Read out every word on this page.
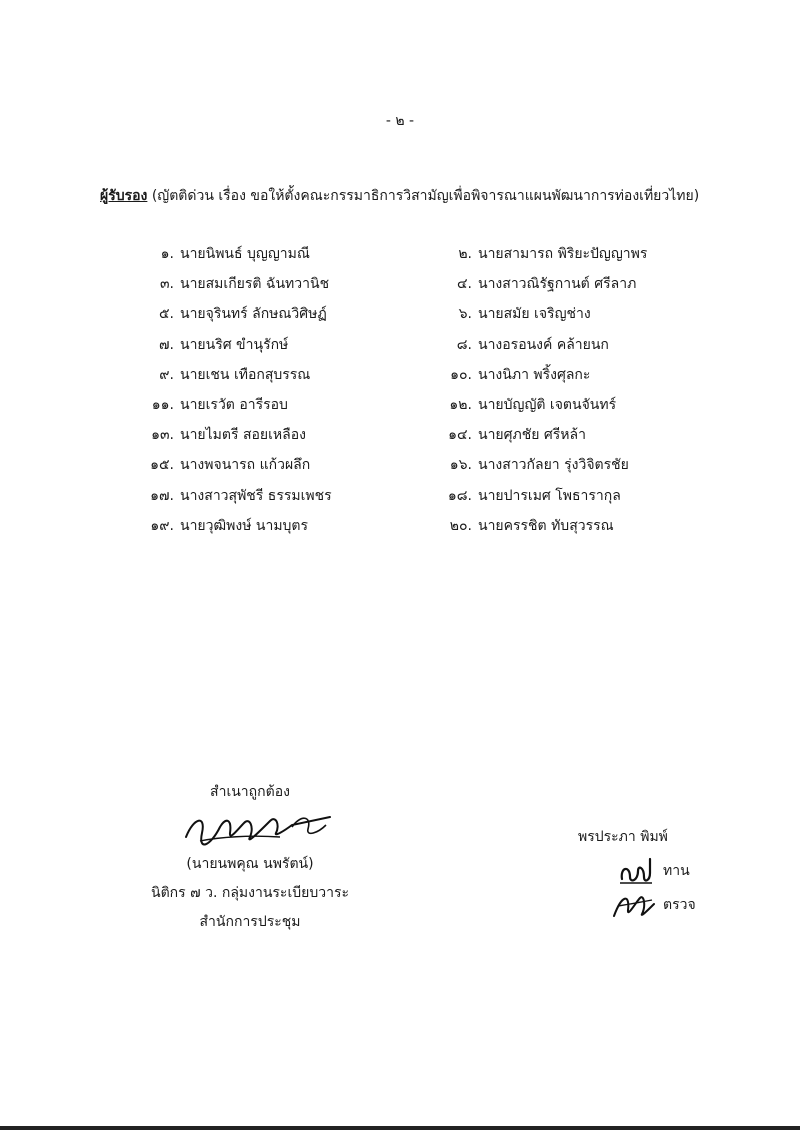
- ๒ -
ผู้รับรอง (ญัตติด่วน เรื่อง ขอให้ตั้งคณะกรรมาธิการวิสามัญเพื่อพิจารณาแผนพัฒนาการท่องเที่ยวไทย)
๑. นายนิพนธ์ บุญญามณี
๓. นายสมเกียรติ ฉันทวานิช
๕. นายจุรินทร์ ลักษณวิศิษฏ์
๗. นายนริศ ขำนุรักษ์
๙. นายเชน เทือกสุบรรณ
๑๑. นายเรวัต อารีรอบ
๑๓. นายไมตรี สอยเหลือง
๑๕. นางพจนารถ แก้วผลึก
๑๗. นางสาวสุพัชรี ธรรมเพชร
๑๙. นายวุฒิพงษ์ นามบุตร
๒. นายสามารถ พิริยะปัญญาพร
๔. นางสาวณิรัฐกานต์ ศรีลาภ
๖. นายสมัย เจริญช่าง
๘. นางอรอนงค์ คล้ายนก
๑๐. นางนิภา พริ้งศุลกะ
๑๒. นายบัญญัติ เจตนจันทร์
๑๔. นายศุภชัย ศรีหล้า
๑๖. นางสาวกัลยา รุ่งวิจิตรชัย
๑๘. นายปารเมศ โพธารากุล
๒๐. นายครรชิต ทับสุวรรณ
สำเนาถูกต้อง
(นายนพคุณ นพรัตน์)
นิติกร ๗ ว. กลุ่มงานระเบียบวาระ
สำนักการประชุม
พรประภา พิมพ์
ทาน
ตรวจ
